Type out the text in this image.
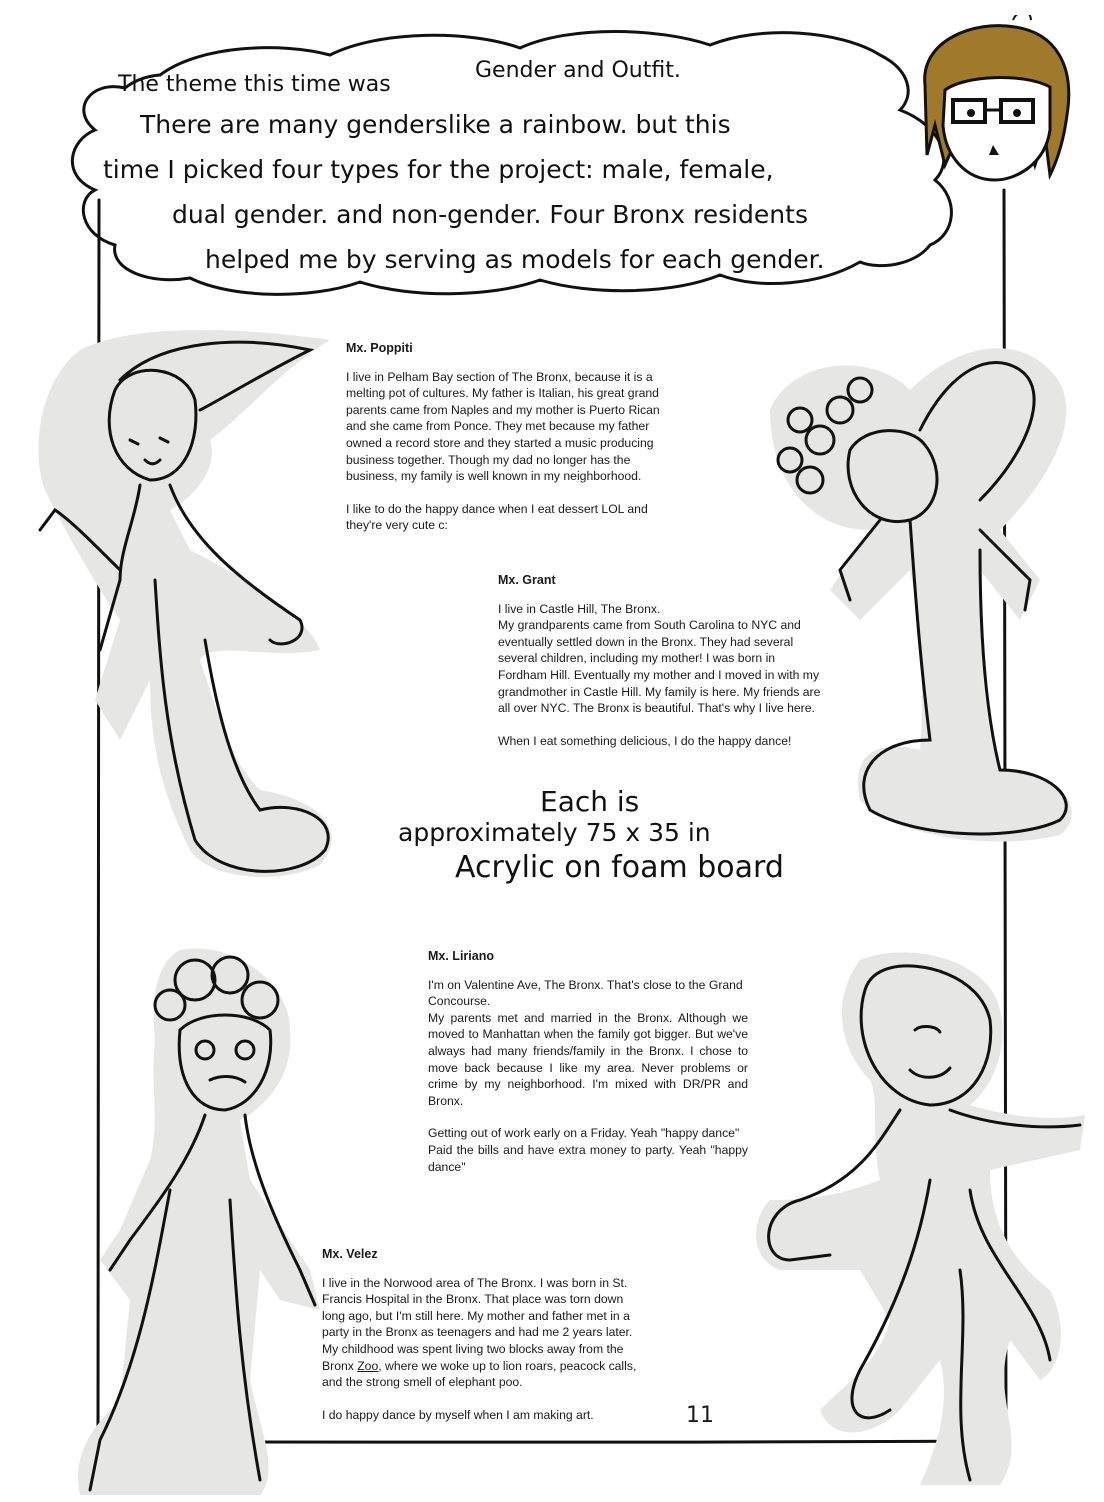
The theme this time was
Gender and Outfit.
There are many genderslike a rainbow. but this
time I picked four types for the project: male, female,
dual gender. and non-gender. Four Bronx residents
helped me by serving as models for each gender.
Mx. Poppiti

I live in Pelham Bay section of The Bronx, because it is a melting pot of cultures. My father is Italian, his great grand parents came from Naples and my mother is Puerto Rican and she came from Ponce. They met because my father owned a record store and they started a music producing business together. Though my dad no longer has the business, my family is well known in my neighborhood.

I like to do the happy dance when I eat dessert LOL and they're very cute c:

Mx. Grant

I live in Castle Hill, The Bronx.

My grandparents came from South Carolina to NYC and eventually settled down in the Bronx. They had several several children, including my mother! I was born in Fordham Hill. Eventually my mother and I moved in with my grandmother in Castle Hill. My family is here. My friends are all over NYC. The Bronx is beautiful. That's why I live here.

When I eat something delicious, I do the happy dance!

Each is
approximately 75 x 35 in
Acrylic on foam board
Mx. Liriano

I'm on Valentine Ave, The Bronx. That's close to the Grand Concourse.

My parents met and married in the Bronx. Although we moved to Manhattan when the family got bigger. But we've always had many friends/family in the Bronx. I chose to move back because I like my area. Never problems or crime by my neighborhood. I'm mixed with DR/PR and Bronx.

Getting out of work early on a Friday. Yeah "happy dance"

Paid the bills and have extra money to party. Yeah "happy dance"

Mx. Velez

I live in the Norwood area of The Bronx. I was born in St. Francis Hospital in the Bronx. That place was torn down long ago, but I'm still here. My mother and father met in a party in the Bronx as teenagers and had me 2 years later. My childhood was spent living two blocks away from the Bronx Zoo, where we woke up to lion roars, peacock calls, and the strong smell of elephant poo.

I do happy dance by myself when I am making art.	11
